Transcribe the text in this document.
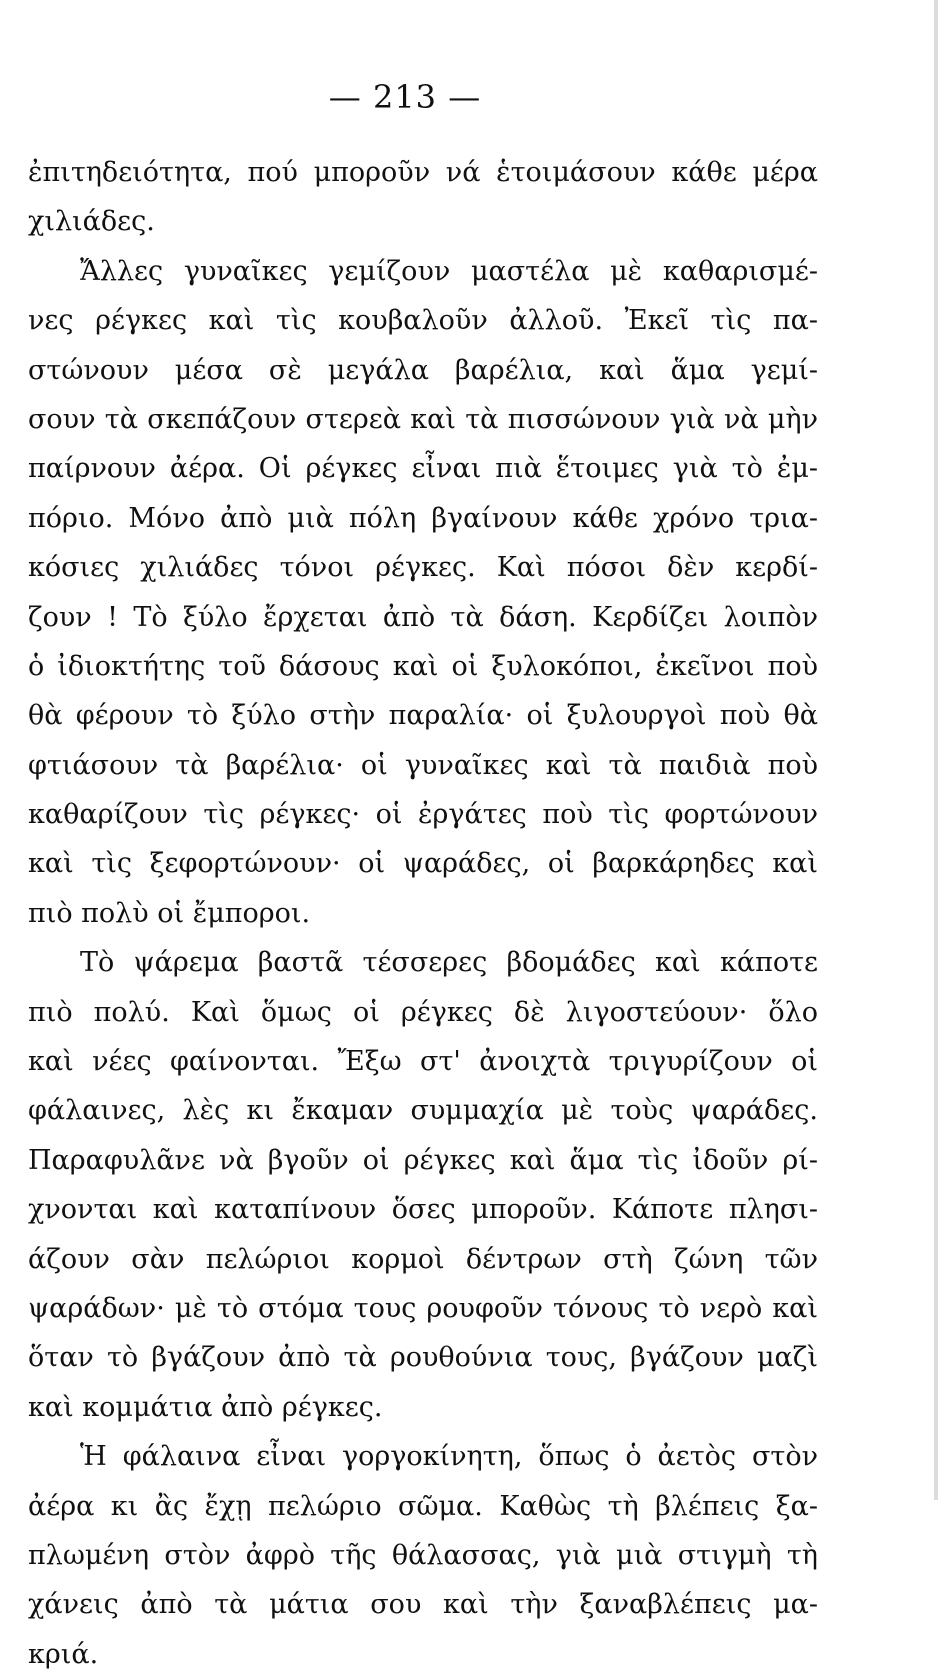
— 213 —
ἐπιτηδειότητα, πού μποροῦν νά ἑτοιμάσουν κάθε μέρα
χιλιάδες.
Ἄλλες γυναῖκες γεμίζουν μαστέλα μὲ καθαρισμέ-
νες ρέγκες καὶ τὶς κουβαλοῦν ἀλλοῦ. Ἐκεῖ τὶς πα-
στώνουν μέσα σὲ μεγάλα βαρέλια, καὶ ἅμα γεμί-
σουν τὰ σκεπάζουν στερεὰ καὶ τὰ πισσώνουν γιὰ νὰ μὴν
παίρνουν ἀέρα. Οἱ ρέγκες εἶναι πιὰ ἕτοιμες γιὰ τὸ ἐμ-
πόριο. Μόνο ἀπὸ μιὰ πόλη βγαίνουν κάθε χρόνο τρια-
κόσιες χιλιάδες τόνοι ρέγκες. Καὶ πόσοι δὲν κερδί-
ζουν ! Τὸ ξύλο ἔρχεται ἀπὸ τὰ δάση. Κερδίζει λοιπὸν
ὁ ἰδιοκτήτης τοῦ δάσους καὶ οἱ ξυλοκόποι, ἐκεῖνοι ποὺ
θὰ φέρουν τὸ ξύλο στὴν παραλία· οἱ ξυλουργοὶ ποὺ θὰ
φτιάσουν τὰ βαρέλια· οἱ γυναῖκες καὶ τὰ παιδιὰ ποὺ
καθαρίζουν τὶς ρέγκες· οἱ ἐργάτες ποὺ τὶς φορτώνουν
καὶ τὶς ξεφορτώνουν· οἱ ψαράδες, οἱ βαρκάρηδες καὶ
πιὸ πολὺ οἱ ἔμποροι.
Τὸ ψάρεμα βαστᾶ τέσσερες βδομάδες καὶ κάποτε
πιὸ πολύ. Καὶ ὅμως οἱ ρέγκες δὲ λιγοστεύουν· ὅλο
καὶ νέες φαίνονται. Ἔξω στ' ἀνοιχτὰ τριγυρίζουν οἱ
φάλαινες, λὲς κι ἔκαμαν συμμαχία μὲ τοὺς ψαράδες.
Παραφυλᾶνε νὰ βγοῦν οἱ ρέγκες καὶ ἅμα τὶς ἰδοῦν ρί-
χνονται καὶ καταπίνουν ὅσες μποροῦν. Κάποτε πλησι-
άζουν σὰν πελώριοι κορμοὶ δέντρων στὴ ζώνη τῶν
ψαράδων· μὲ τὸ στόμα τους ρουφοῦν τόνους τὸ νερὸ καὶ
ὅταν τὸ βγάζουν ἀπὸ τὰ ρουθούνια τους, βγάζουν μαζὶ
καὶ κομμάτια ἀπὸ ρέγκες.
Ἡ φάλαινα εἶναι γοργοκίνητη, ὅπως ὁ ἀετὸς στὸν
ἀέρα κι ἂς ἔχῃ πελώριο σῶμα. Καθὼς τὴ βλέπεις ξα-
πλωμένη στὸν ἀφρὸ τῆς θάλασσας, γιὰ μιὰ στιγμὴ τὴ
χάνεις ἀπὸ τὰ μάτια σου καὶ τὴν ξαναβλέπεις μα-
κριά.
